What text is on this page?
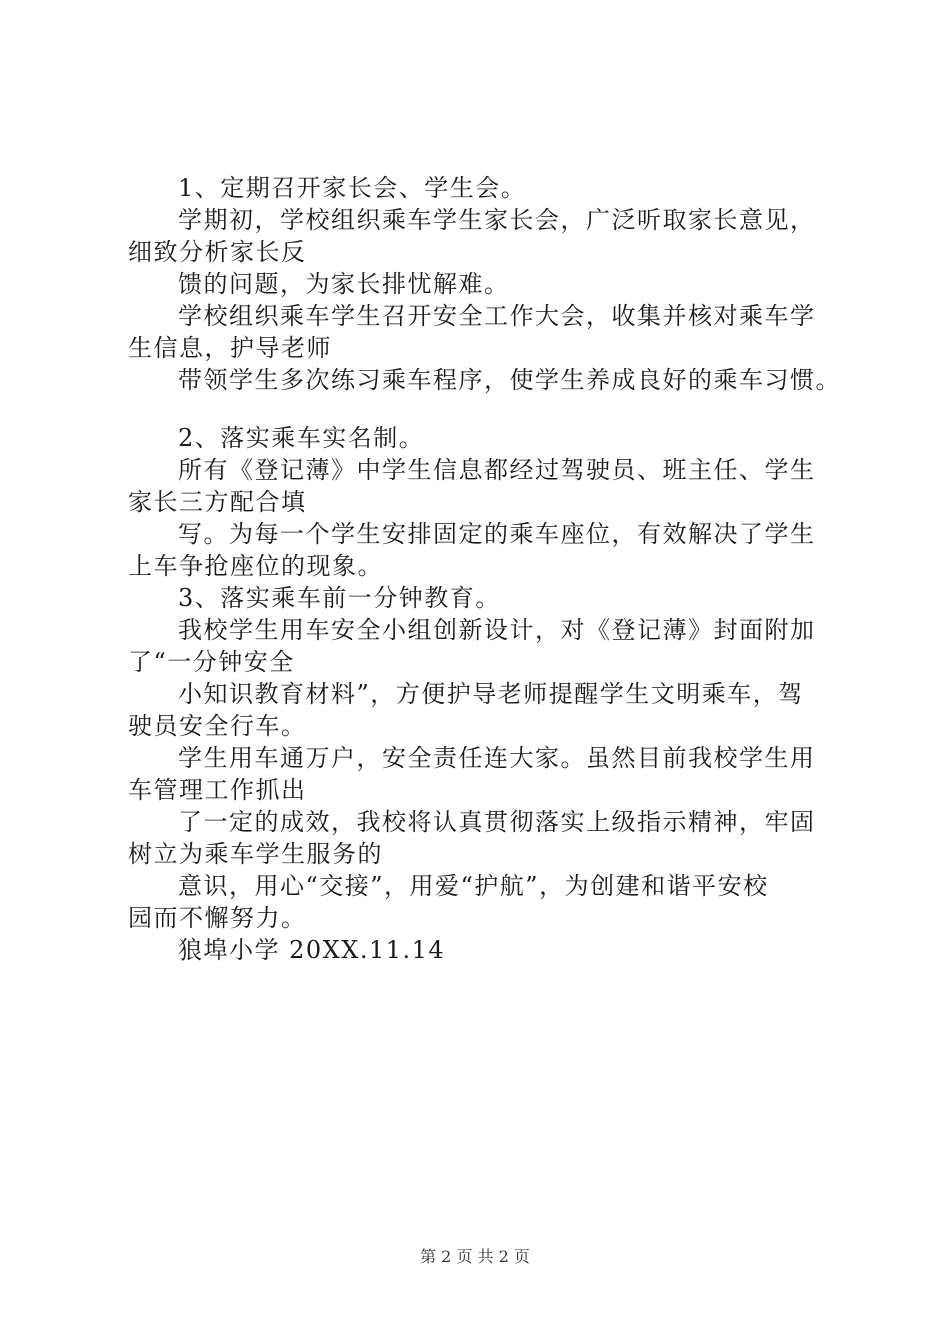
1、定期召开家长会、学生会。
学期初，学校组织乘车学生家长会，广泛听取家长意见，
细致分析家长反
馈的问题，为家长排忧解难。
学校组织乘车学生召开安全工作大会，收集并核对乘车学
生信息，护导老师
带领学生多次练习乘车程序，使学生养成良好的乘车习惯。
2、落实乘车实名制。
所有《登记薄》中学生信息都经过驾驶员、班主任、学生
家长三方配合填
写。为每一个学生安排固定的乘车座位，有效解决了学生
上车争抢座位的现象。
3、落实乘车前一分钟教育。
我校学生用车安全小组创新设计，对《登记薄》封面附加
了“一分钟安全
小知识教育材料”，方便护导老师提醒学生文明乘车，驾
驶员安全行车。
学生用车通万户，安全责任连大家。虽然目前我校学生用
车管理工作抓出
了一定的成效，我校将认真贯彻落实上级指示精神，牢固
树立为乘车学生服务的
意识，用心“交接”，用爱“护航”，为创建和谐平安校
园而不懈努力。
狼埠小学 20XX.11.14
第 2 页 共 2 页
